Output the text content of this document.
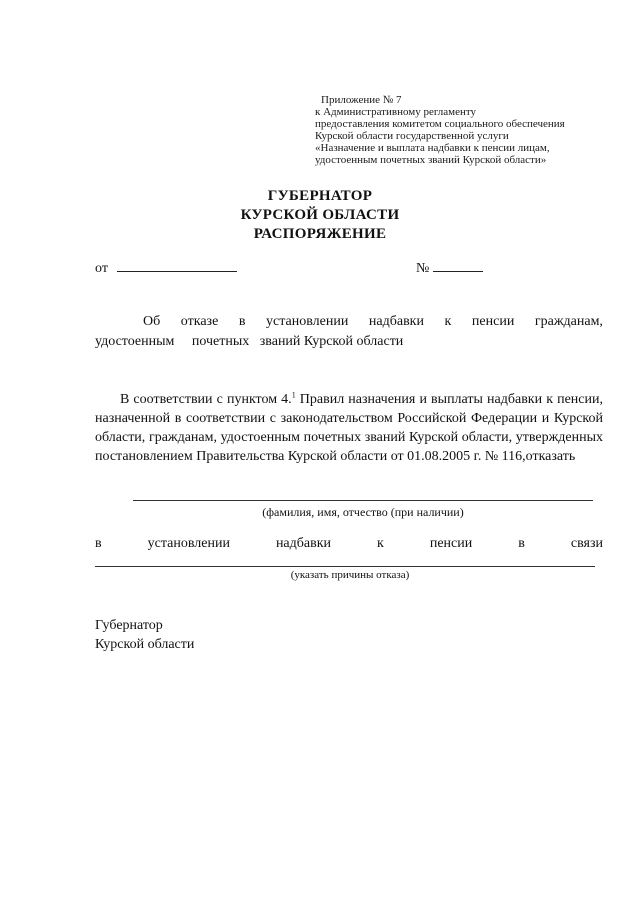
Приложение № 7
к Административному регламенту
предоставления комитетом социального обеспечения
Курской области государственной услуги
«Назначение и выплата надбавки к пенсии лицам,
удостоенным почетных званий Курской области»
ГУБЕРНАТОР
КУРСКОЙ ОБЛАСТИ
РАСПОРЯЖЕНИЕ
от	№
Об отказе в установлении надбавки к пенсии гражданам,
удостоенным     почетных   званий Курской области

В соответствии с пунктом 4.$^1$ Правил назначения и выплаты надбавки к пенсии, назначенной в соответствии с законодательством Российской Федерации и Курской области, гражданам, удостоенным почетных званий Курской области, утвержденных постановлением Правительства Курской области от 01.08.2005 г. № 116,отказать

(фамилия, имя, отчество (при наличии)
в	установлении	надбавки	к	пенсии	в	связи
(указать причины отказа)
Губернатор
Курской области
